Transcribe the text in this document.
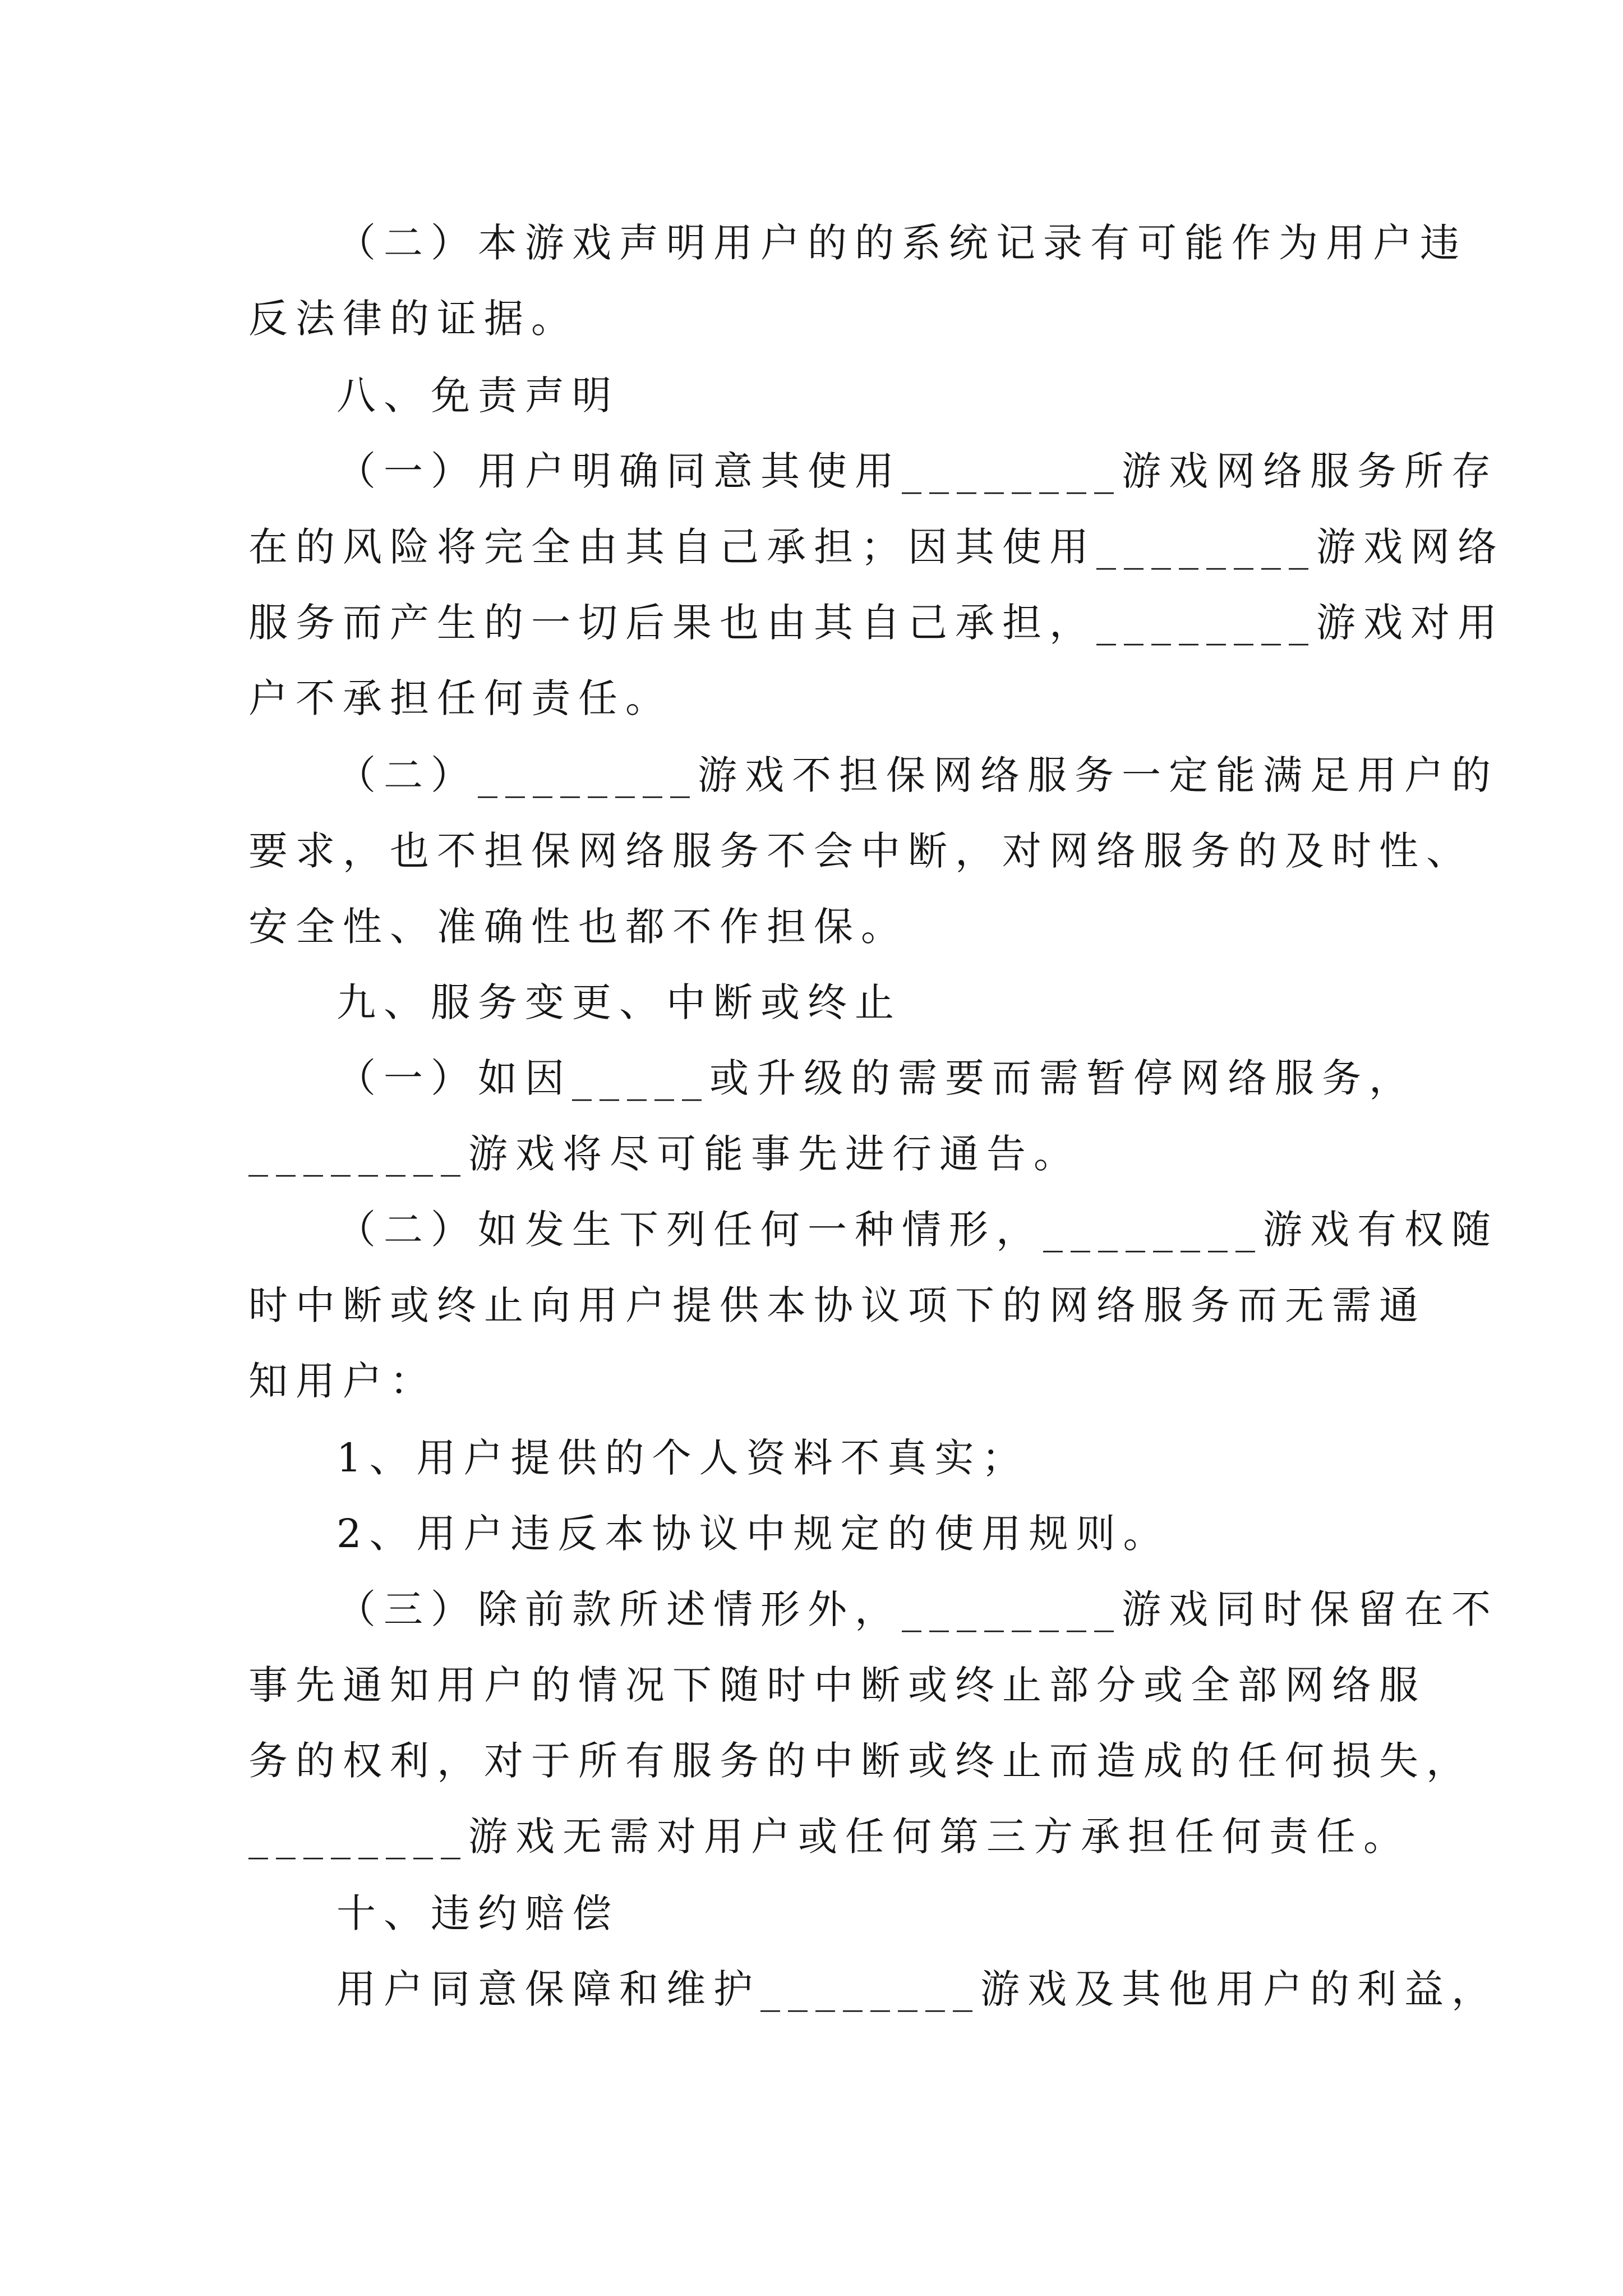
（二）本游戏声明用户的的系统记录有可能作为用户违

反法律的证据。

八、免责声明

（一）用户明确同意其使用________游戏网络服务所存

在的风险将完全由其自己承担；因其使用________游戏网络

服务而产生的一切后果也由其自己承担，________游戏对用

户不承担任何责任。

（二）________游戏不担保网络服务一定能满足用户的

要求，也不担保网络服务不会中断，对网络服务的及时性、

安全性、准确性也都不作担保。

九、服务变更、中断或终止

（一）如因_____或升级的需要而需暂停网络服务，

________游戏将尽可能事先进行通告。

（二）如发生下列任何一种情形，________游戏有权随

时中断或终止向用户提供本协议项下的网络服务而无需通

知用户：

1、用户提供的个人资料不真实；

2、用户违反本协议中规定的使用规则。

（三）除前款所述情形外，________游戏同时保留在不

事先通知用户的情况下随时中断或终止部分或全部网络服

务的权利，对于所有服务的中断或终止而造成的任何损失，

________游戏无需对用户或任何第三方承担任何责任。

十、违约赔偿

用户同意保障和维护________游戏及其他用户的利益，
